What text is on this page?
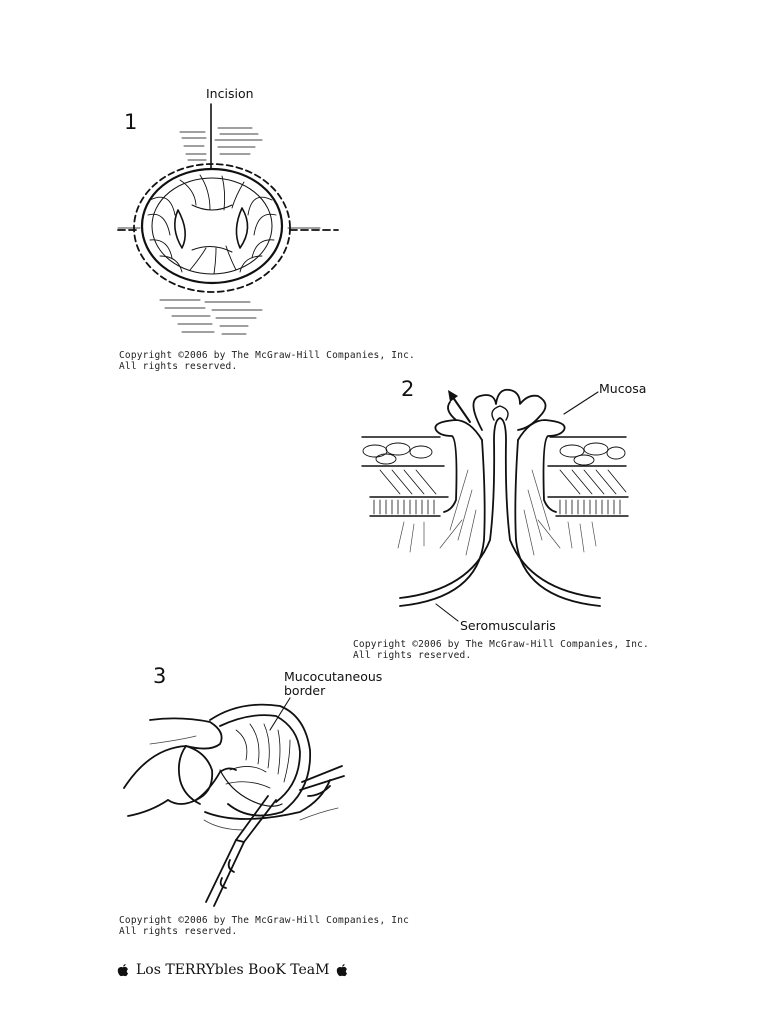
1
Incision
Copyright ©2006 by The McGraw-Hill Companies, Inc.
All rights reserved.
2	Mucosa
Seromuscularis
Copyright ©2006 by The McGraw-Hill Companies, Inc.
All rights reserved.
3	Mucocutaneous
border
Copyright ©2006 by The McGraw-Hill Companies, Inc
All rights reserved.
Los TERRYbles BooK TeaM
